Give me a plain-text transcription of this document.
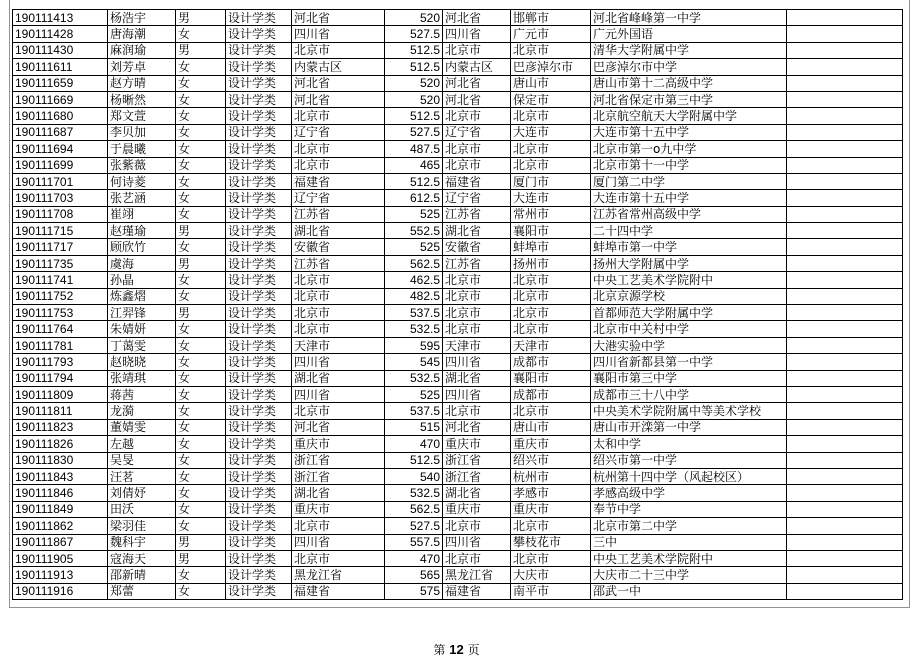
190111413	杨浩宇	男	设计学类	河北省	520	河北省	邯郸市	河北省峰峰第一中学	
190111428	唐海潮	女	设计学类	四川省	527.5	四川省	广元市	广元外国语	
190111430	麻润瑜	男	设计学类	北京市	512.5	北京市	北京市	清华大学附属中学	
190111611	刘芳卓	女	设计学类	内蒙古区	512.5	内蒙古区	巴彦淖尔市	巴彦淖尔市中学	
190111659	赵方晴	女	设计学类	河北省	520	河北省	唐山市	唐山市第十二高级中学	
190111669	杨晰然	女	设计学类	河北省	520	河北省	保定市	河北省保定市第三中学	
190111680	郑文萱	女	设计学类	北京市	512.5	北京市	北京市	北京航空航天大学附属中学	
190111687	李贝加	女	设计学类	辽宁省	527.5	辽宁省	大连市	大连市第十五中学	
190111694	于晨曦	女	设计学类	北京市	487.5	北京市	北京市	北京市第一o九中学	
190111699	张紫薇	女	设计学类	北京市	465	北京市	北京市	北京市第十一中学	
190111701	何诗菱	女	设计学类	福建省	512.5	福建省	厦门市	厦门第二中学	
190111703	张艺涵	女	设计学类	辽宁省	612.5	辽宁省	大连市	大连市第十五中学	
190111708	崔翊	女	设计学类	江苏省	525	江苏省	常州市	江苏省常州高级中学	
190111715	赵瑾瑜	男	设计学类	湖北省	552.5	湖北省	襄阳市	二十四中学	
190111717	顾欣竹	女	设计学类	安徽省	525	安徽省	蚌埠市	蚌埠市第一中学	
190111735	虞海	男	设计学类	江苏省	562.5	江苏省	扬州市	扬州大学附属中学	
190111741	孙晶	女	设计学类	北京市	462.5	北京市	北京市	中央工艺美术学院附中	
190111752	炼鑫熠	女	设计学类	北京市	482.5	北京市	北京市	北京京源学校	
190111753	江羿锋	男	设计学类	北京市	537.5	北京市	北京市	首都师范大学附属中学	
190111764	朱婧妍	女	设计学类	北京市	532.5	北京市	北京市	北京市中关村中学	
190111781	丁蔼雯	女	设计学类	天津市	595	天津市	天津市	大港实验中学	
190111793	赵晓晓	女	设计学类	四川省	545	四川省	成都市	四川省新都县第一中学	
190111794	张靖琪	女	设计学类	湖北省	532.5	湖北省	襄阳市	襄阳市第三中学	
190111809	蒋茜	女	设计学类	四川省	525	四川省	成都市	成都市三十八中学	
190111811	龙漪	女	设计学类	北京市	537.5	北京市	北京市	中央美术学院附属中等美术学校	
190111823	董婧雯	女	设计学类	河北省	515	河北省	唐山市	唐山市开滦第一中学	
190111826	左越	女	设计学类	重庆市	470	重庆市	重庆市	太和中学	
190111830	吴旻	女	设计学类	浙江省	512.5	浙江省	绍兴市	绍兴市第一中学	
190111843	汪茗	女	设计学类	浙江省	540	浙江省	杭州市	杭州第十四中学（风起校区）	
190111846	刘倩妤	女	设计学类	湖北省	532.5	湖北省	孝感市	孝感高级中学	
190111849	田沃	女	设计学类	重庆市	562.5	重庆市	重庆市	奉节中学	
190111862	梁羽佳	女	设计学类	北京市	527.5	北京市	北京市	北京市第二中学	
190111867	魏科宇	男	设计学类	四川省	557.5	四川省	攀枝花市	三中	
190111905	寇海天	男	设计学类	北京市	470	北京市	北京市	中央工艺美术学院附中	
190111913	邵新晴	女	设计学类	黑龙江省	565	黑龙江省	大庆市	大庆市二十三中学	
190111916	郑蕾	女	设计学类	福建省	575	福建省	南平市	邵武一中	
第 12 页
